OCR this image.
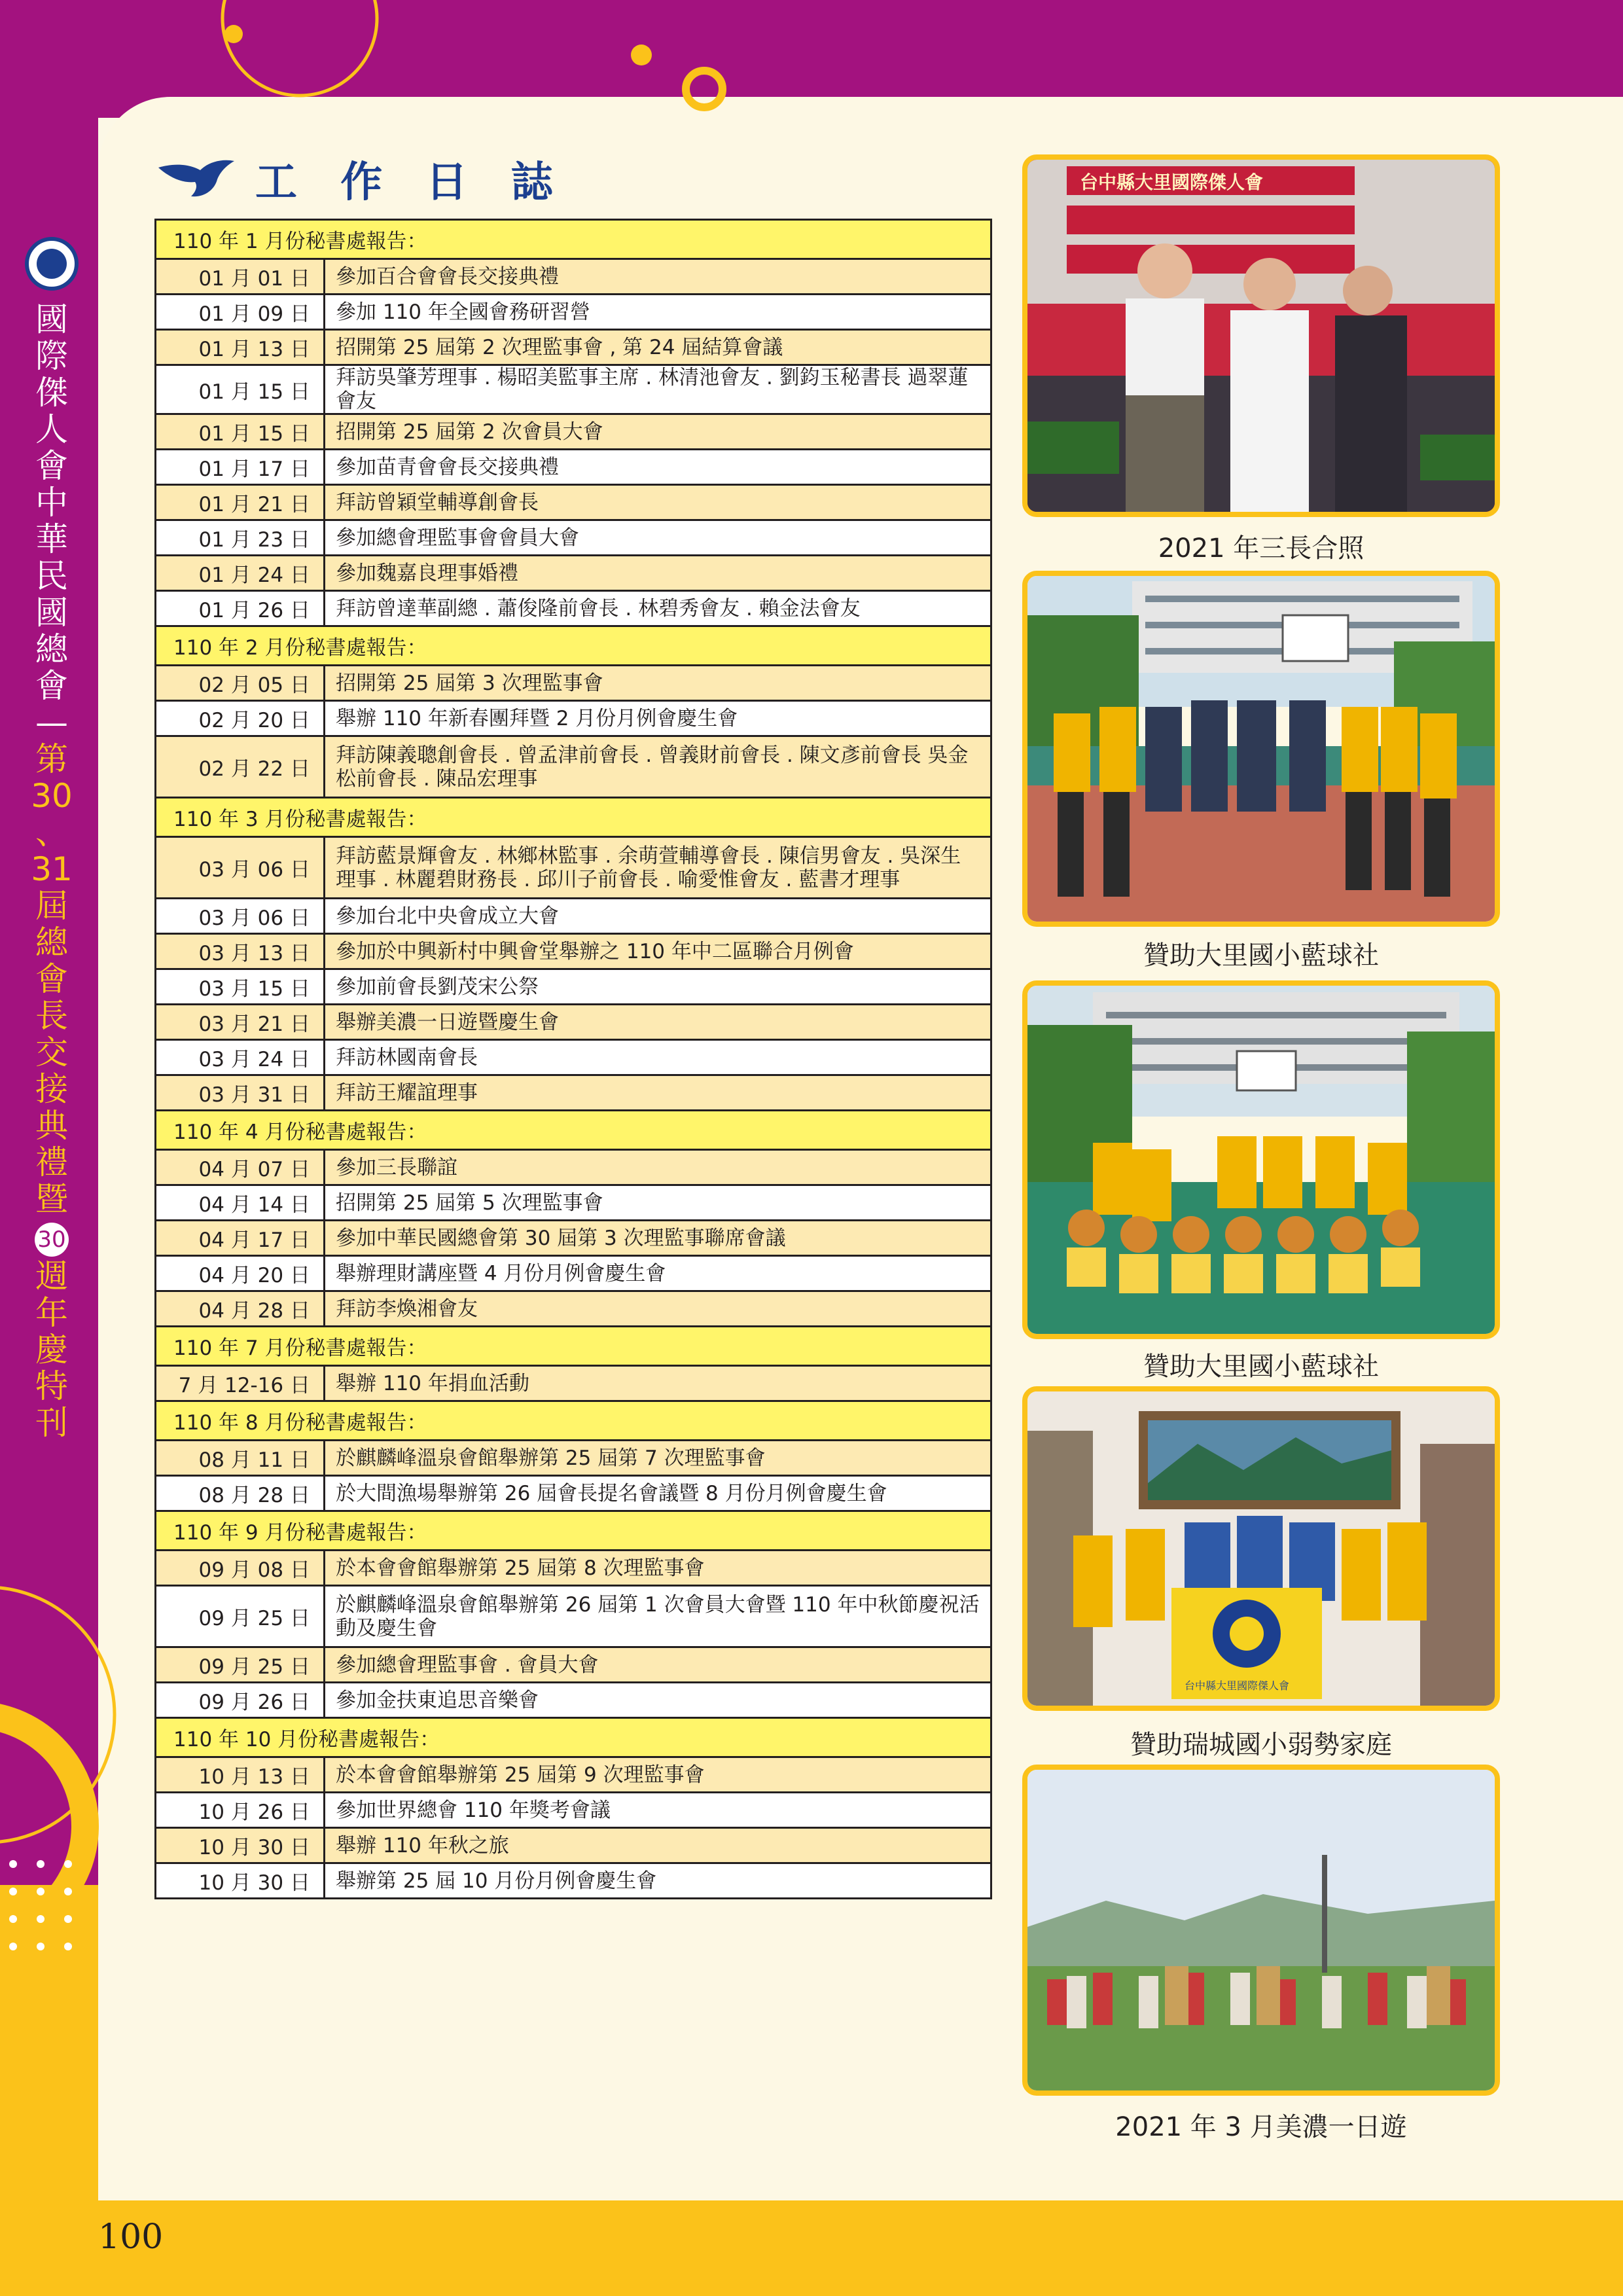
國
際
傑
人
會
中
華
民
國
總
會
—
第
30
、
31
屆
總
會
長
交
接
典
禮
暨
30
週
年
慶
特
刊
工 作 日 誌
110 年 1 月份秘書處報告：	
01 月 01 日	參加百合會會長交接典禮
01 月 09 日	參加 110 年全國會務研習營
01 月 13 日	招開第 25 屆第 2 次理監事會 , 第 24 屆結算會議
01 月 15 日	拜訪吳肇芳理事 . 楊昭美監事主席 . 林清池會友 . 劉鈞玉秘書長 過翠蓮會友
01 月 15 日	招開第 25 屆第 2 次會員大會
01 月 17 日	參加苗青會會長交接典禮
01 月 21 日	拜訪曾穎堂輔導創會長
01 月 23 日	參加總會理監事會會員大會
01 月 24 日	參加魏嘉良理事婚禮
01 月 26 日	拜訪曾達華副總 . 蕭俊隆前會長 . 林碧秀會友 . 賴金法會友
110 年 2 月份秘書處報告：	
02 月 05 日	招開第 25 屆第 3 次理監事會
02 月 20 日	舉辦 110 年新春團拜暨 2 月份月例會慶生會
02 月 22 日	拜訪陳義聰創會長 . 曾孟津前會長 . 曾義財前會長 . 陳文彥前會長 吳金松前會長 . 陳品宏理事
110 年 3 月份秘書處報告：	
03 月 06 日	拜訪藍景輝會友 . 林鄉林監事 . 余萌萱輔導會長 . 陳信男會友 . 吳深生理事 . 林麗碧財務長 . 邱川子前會長 . 喻愛惟會友 . 藍書才理事
03 月 06 日	參加台北中央會成立大會
03 月 13 日	參加於中興新村中興會堂舉辦之 110 年中二區聯合月例會
03 月 15 日	參加前會長劉茂宋公祭
03 月 21 日	舉辦美濃一日遊暨慶生會
03 月 24 日	拜訪林國南會長
03 月 31 日	拜訪王耀誼理事
110 年 4 月份秘書處報告：	
04 月 07 日	參加三長聯誼
04 月 14 日	招開第 25 屆第 5 次理監事會
04 月 17 日	參加中華民國總會第 30 屆第 3 次理監事聯席會議
04 月 20 日	舉辦理財講座暨 4 月份月例會慶生會
04 月 28 日	拜訪李煥湘會友
110 年 7 月份秘書處報告：	
7 月 12-16 日	舉辦 110 年捐血活動
110 年 8 月份秘書處報告：	
08 月 11 日	於麒麟峰溫泉會館舉辦第 25 屆第 7 次理監事會
08 月 28 日	於大間漁場舉辦第 26 屆會長提名會議暨 8 月份月例會慶生會
110 年 9 月份秘書處報告：	
09 月 08 日	於本會會館舉辦第 25 屆第 8 次理監事會
09 月 25 日	於麒麟峰溫泉會館舉辦第 26 屆第 1 次會員大會暨 110 年中秋節慶祝活動及慶生會
09 月 25 日	參加總會理監事會 . 會員大會
09 月 26 日	參加金扶東追思音樂會
110 年 10 月份秘書處報告：	
10 月 13 日	於本會會館舉辦第 25 屆第 9 次理監事會
10 月 26 日	參加世界總會 110 年獎考會議
10 月 30 日	舉辦 110 年秋之旅
10 月 30 日	舉辦第 25 屆 10 月份月例會慶生會
台中縣大里國際傑人會
2021 年三長合照
贊助大里國小藍球社
贊助大里國小藍球社
台中縣大里國際傑人會
贊助瑞城國小弱勢家庭
2021 年 3 月美濃一日遊
100
